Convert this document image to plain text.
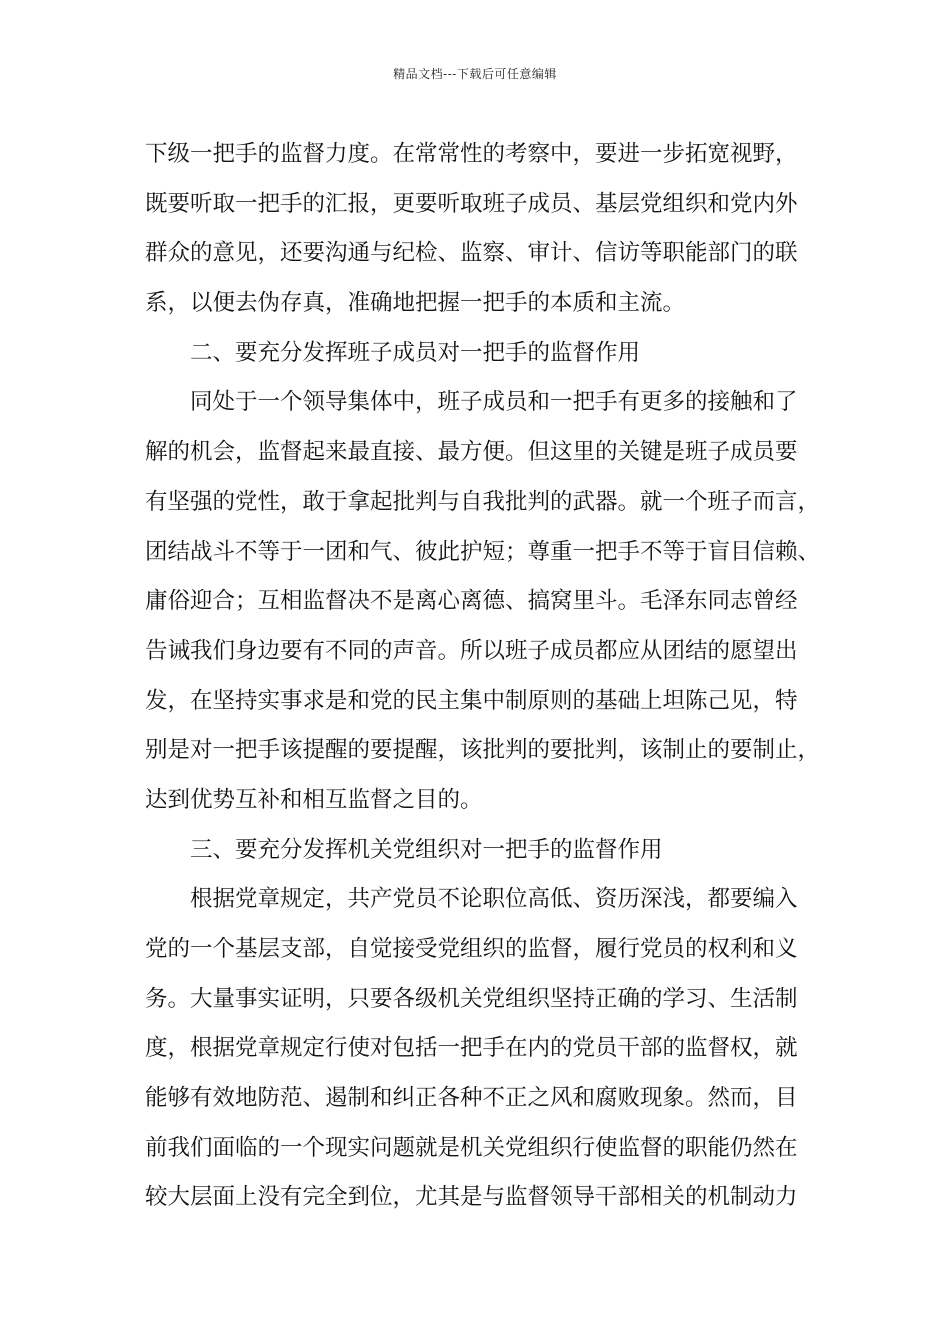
精品文档---下载后可任意编辑
下级一把手的监督力度。在常常性的考察中，要进一步拓宽视野，
既要听取一把手的汇报，更要听取班子成员、基层党组织和党内外
群众的意见，还要沟通与纪检、监察、审计、信访等职能部门的联
系，以便去伪存真，准确地把握一把手的本质和主流。
二、要充分发挥班子成员对一把手的监督作用
同处于一个领导集体中，班子成员和一把手有更多的接触和了
解的机会，监督起来最直接、最方便。但这里的关键是班子成员要
有坚强的党性，敢于拿起批判与自我批判的武器。就一个班子而言，
团结战斗不等于一团和气、彼此护短；尊重一把手不等于盲目信赖、
庸俗迎合；互相监督决不是离心离德、搞窝里斗。毛泽东同志曾经
告诫我们身边要有不同的声音。所以班子成员都应从团结的愿望出
发，在坚持实事求是和党的民主集中制原则的基础上坦陈己见，特
别是对一把手该提醒的要提醒，该批判的要批判，该制止的要制止，
达到优势互补和相互监督之目的。
三、要充分发挥机关党组织对一把手的监督作用
根据党章规定，共产党员不论职位高低、资历深浅，都要编入
党的一个基层支部，自觉接受党组织的监督，履行党员的权利和义
务。大量事实证明，只要各级机关党组织坚持正确的学习、生活制
度，根据党章规定行使对包括一把手在内的党员干部的监督权，就
能够有效地防范、遏制和纠正各种不正之风和腐败现象。然而，目
前我们面临的一个现实问题就是机关党组织行使监督的职能仍然在
较大层面上没有完全到位，尤其是与监督领导干部相关的机制动力
